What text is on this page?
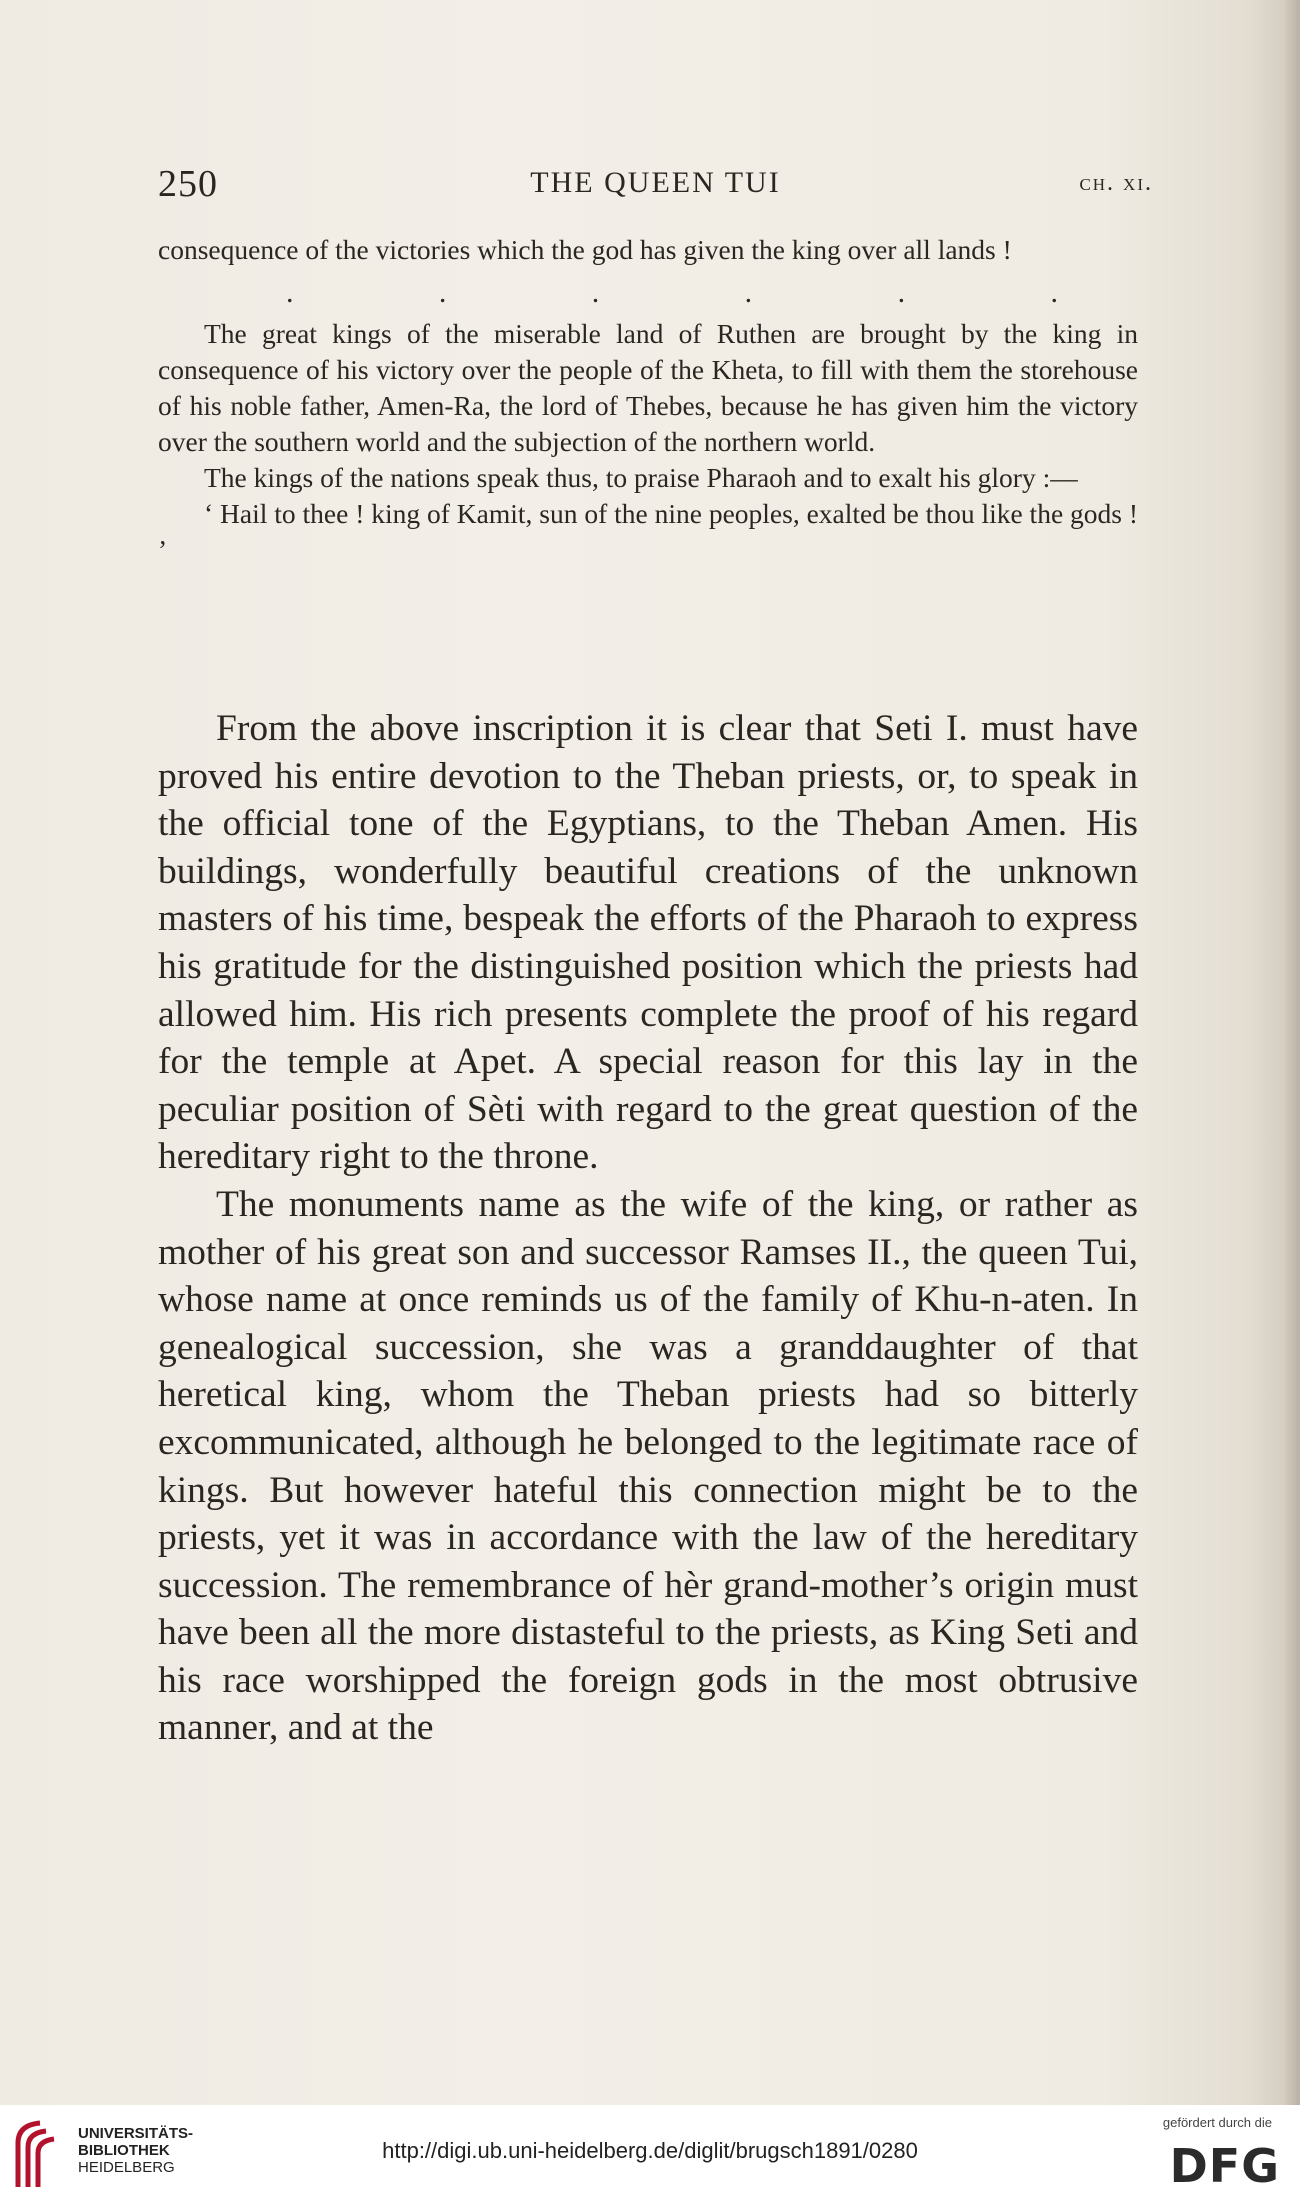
250	THE QUEEN TUI	ch. xi.

consequence of the victories which the god has given the king over all lands !

.	.	.	.	.	.

The great kings of the miserable land of Ruthen are brought by the king in consequence of his victory over the people of the Kheta, to fill with them the storehouse of his noble father, Amen-Ra, the lord of Thebes, because he has given him the victory over the southern world and the subjection of the northern world.

The kings of the nations speak thus, to praise Pharaoh and to exalt his glory :—

‘ Hail to thee ! king of Kamit, sun of the nine peoples, exalted be thou like the gods ! ’

From the above inscription it is clear that Seti I. must have proved his entire devotion to the Theban priests, or, to speak in the official tone of the Egyptians, to the Theban Amen. His buildings, wonderfully beautiful creations of the unknown masters of his time, bespeak the efforts of the Pharaoh to express his gratitude for the distinguished position which the priests had allowed him. His rich presents complete the proof of his regard for the temple at Apet. A special reason for this lay in the peculiar position of Sèti with regard to the great question of the hereditary right to the throne.

The monuments name as the wife of the king, or rather as mother of his great son and successor Ramses II., the queen Tui, whose name at once reminds us of the family of Khu-n-aten. In genealogical succession, she was a granddaughter of that heretical king, whom the Theban priests had so bitterly excommunicated, although he belonged to the legitimate race of kings. But however hateful this connection might be to the priests, yet it was in accordance with the law of the hereditary succession. The remembrance of hèr grand-mother’s origin must have been all the more distasteful to the priests, as King Seti and his race worshipped the foreign gods in the most obtrusive manner, and at the

UNIVERSITÄTS-
BIBLIOTHEK
HEIDELBERG
http://digi.ub.uni-heidelberg.de/diglit/brugsch1891/0280
gefördert durch die
DFG
